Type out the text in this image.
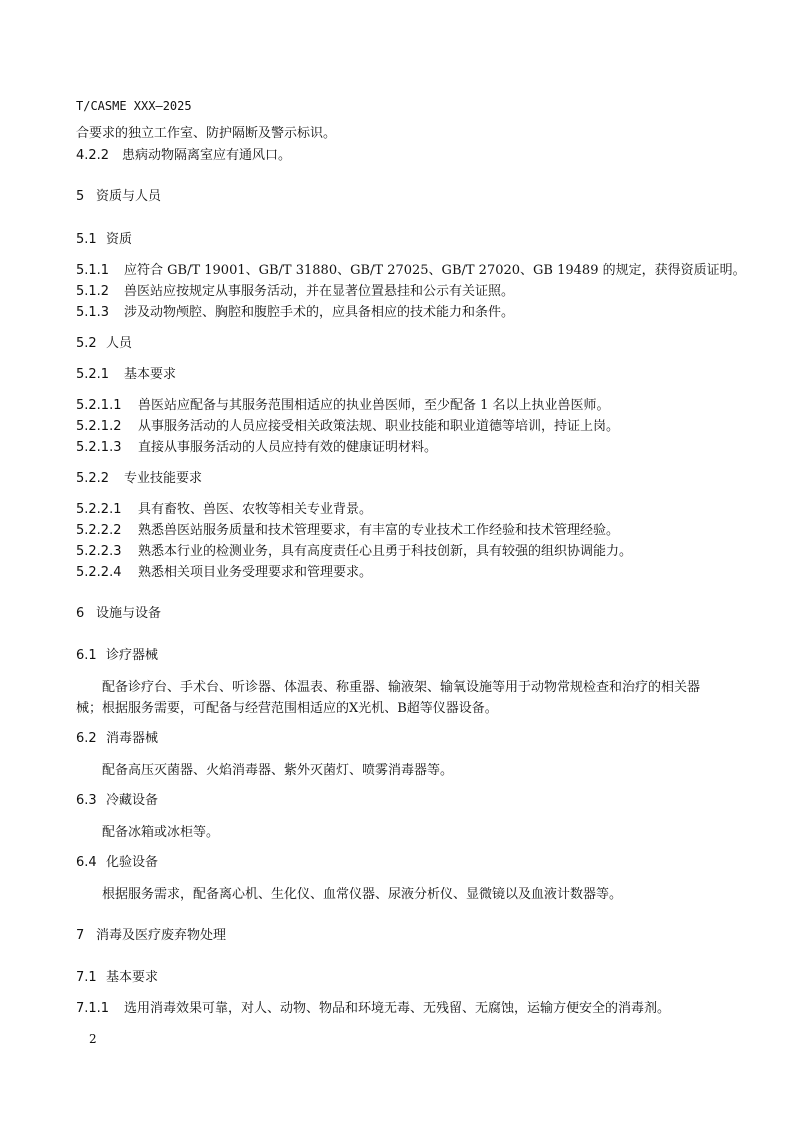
T/CASME XXX—2025
合要求的独立工作室、防护隔断及警示标识。
4.2.2 患病动物隔离室应有通风口。
5 资质与人员
5.1 资质
5.1.1 应符合 GB/T 19001、GB/T 31880、GB/T 27025、GB/T 27020、GB 19489 的规定，获得资质证明。
5.1.2 兽医站应按规定从事服务活动，并在显著位置悬挂和公示有关证照。
5.1.3 涉及动物颅腔、胸腔和腹腔手术的，应具备相应的技术能力和条件。
5.2 人员
5.2.1 基本要求
5.2.1.1 兽医站应配备与其服务范围相适应的执业兽医师，至少配备 1 名以上执业兽医师。
5.2.1.2 从事服务活动的人员应接受相关政策法规、职业技能和职业道德等培训，持证上岗。
5.2.1.3 直接从事服务活动的人员应持有效的健康证明材料。
5.2.2 专业技能要求
5.2.2.1 具有畜牧、兽医、农牧等相关专业背景。
5.2.2.2 熟悉兽医站服务质量和技术管理要求，有丰富的专业技术工作经验和技术管理经验。
5.2.2.3 熟悉本行业的检测业务，具有高度责任心且勇于科技创新，具有较强的组织协调能力。
5.2.2.4 熟悉相关项目业务受理要求和管理要求。
6 设施与设备
6.1 诊疗器械
配备诊疗台、手术台、听诊器、体温表、称重器、输液架、输氧设施等用于动物常规检查和治疗的相关器械；根据服务需要，可配备与经营范围相适应的X光机、B超等仪器设备。
6.2 消毒器械
配备高压灭菌器、火焰消毒器、紫外灭菌灯、喷雾消毒器等。
6.3 冷藏设备
配备冰箱或冰柜等。
6.4 化验设备
根据服务需求，配备离心机、生化仪、血常仪器、尿液分析仪、显微镜以及血液计数器等。
7 消毒及医疗废弃物处理
7.1 基本要求
7.1.1 选用消毒效果可靠，对人、动物、物品和环境无毒、无残留、无腐蚀，运输方便安全的消毒剂。
2
